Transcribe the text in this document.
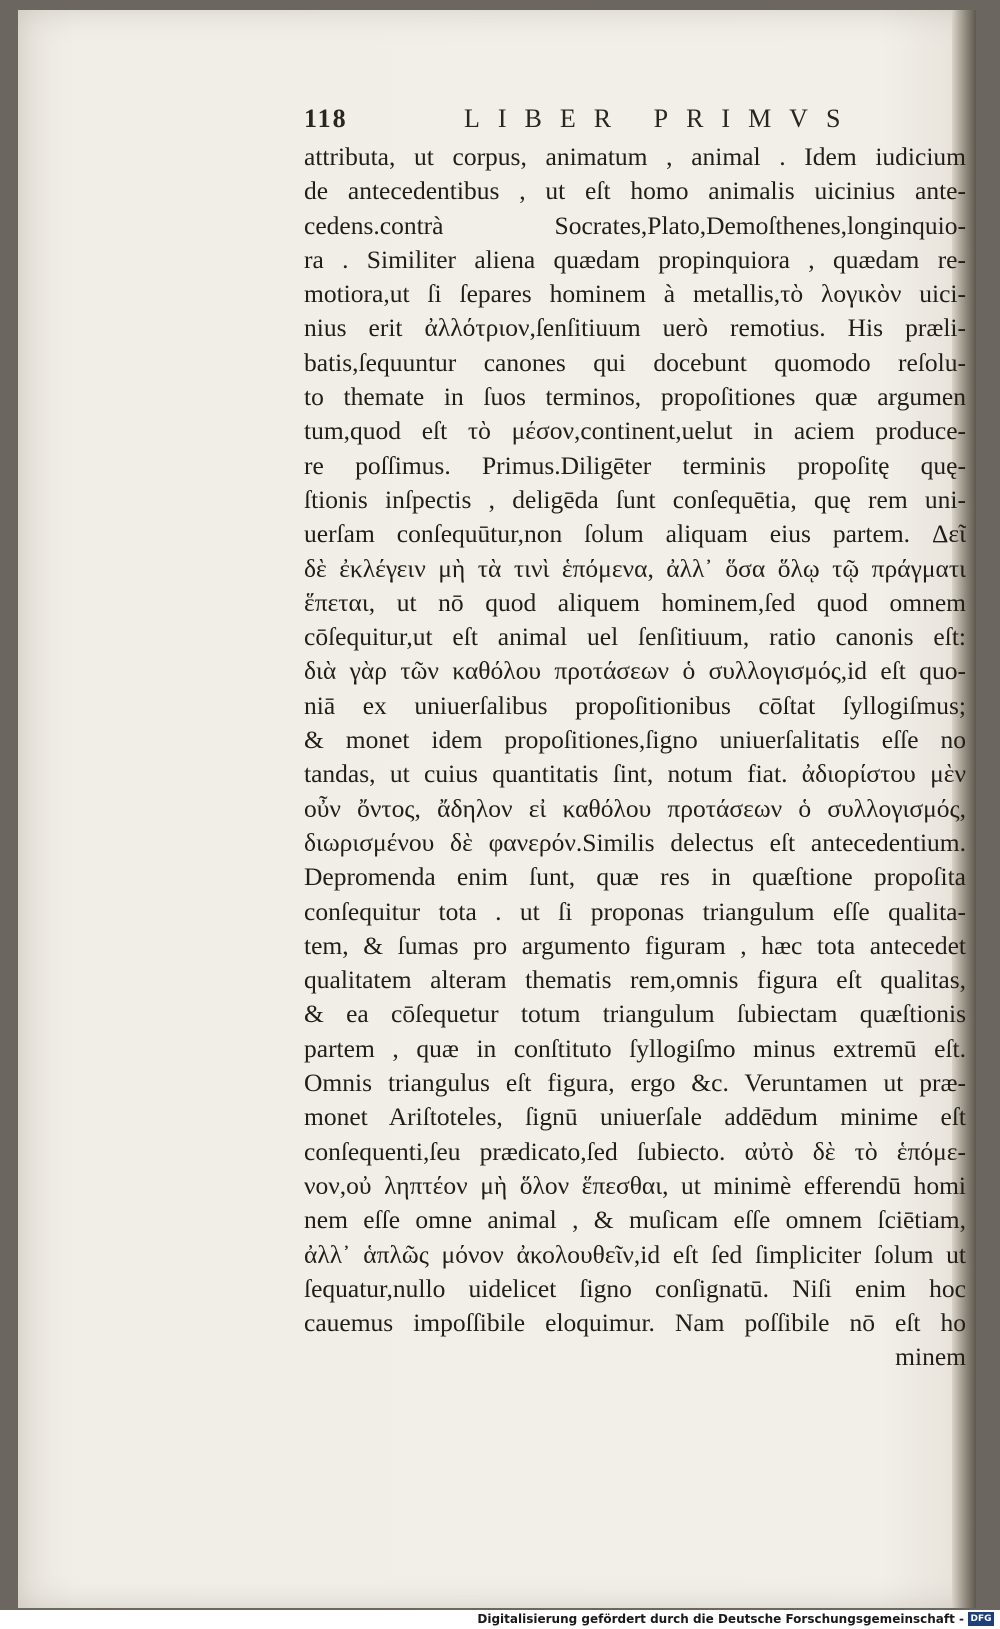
118	LIBER PRIMVS
attributa, ut corpus, animatum , animal . Idem iudicium
de antecedentibus , ut eſt homo animalis uicinius ante-
cedens.contrà Socrates,Plato,Demoſthenes,longinquio-
ra . Similiter aliena quædam propinquiora , quædam re-
motiora,ut ſi ſepares hominem à metallis,τὸ λογικὸν uici-
nius erit ἀλλότριον,ſenſitiuum uerò remotius. His præli-
batis,ſequuntur canones qui docebunt quomodo reſolu-
to themate in ſuos terminos, propoſitiones quæ argumen
tum,quod eſt τὸ μέσον,continent,uelut in aciem produce-
re poſſimus. Primus.Diligēter terminis propoſitę quę-
ſtionis inſpectis , deligēda ſunt conſequētia, quę rem uni-
uerſam conſequūtur,non ſolum aliquam eius partem. Δεῖ
δὲ ἐκλέγειν μὴ τὰ τινὶ ἑπόμενα, ἀλλ᾽ ὅσα ὅλῳ τῷ πράγματι
ἕπεται, ut nō quod aliquem hominem,ſed quod omnem
cōſequitur,ut eſt animal uel ſenſitiuum, ratio canonis eſt:
διὰ γὰρ τῶν καθόλου προτάσεων ὁ συλλογισμός,id eſt quo-
niā ex uniuerſalibus propoſitionibus cōſtat ſyllogiſmus;
& monet idem propoſitiones,ſigno uniuerſalitatis eſſe no
tandas, ut cuius quantitatis ſint, notum fiat. ἀδιορίστου μὲν
οὖν ὄντος, ἄδηλον εἰ καθόλου προτάσεων ὁ συλλογισμός,
διωρισμένου δὲ φανερόν.Similis delectus eſt antecedentium.
Depromenda enim ſunt, quæ res in quæſtione propoſita
conſequitur tota . ut ſi proponas triangulum eſſe qualita-
tem, & ſumas pro argumento figuram , hæc tota antecedet
qualitatem alteram thematis rem,omnis figura eſt qualitas,
& ea cōſequetur totum triangulum ſubiectam quæſtionis
partem , quæ in conſtituto ſyllogiſmo minus extremū eſt.
Omnis triangulus eſt figura, ergo &c. Veruntamen ut præ-
monet Ariſtoteles, ſignū uniuerſale addēdum minime eſt
conſequenti,ſeu prædicato,ſed ſubiecto. αὐτὸ δὲ τὸ ἑπόμε-
νον,οὐ ληπτέον μὴ ὅλον ἕπεσθαι, ut minimè efferendū homi
nem eſſe omne animal , & muſicam eſſe omnem ſciētiam,
ἀλλ᾽ ἁπλῶς μόνον ἀκολουθεῖν,id eſt ſed ſimpliciter ſolum ut
ſequatur,nullo uidelicet ſigno conſignatū. Niſi enim hoc
cauemus impoſſibile eloquimur. Nam poſſibile nō eſt ho
minem
Digitalisierung gefördert durch die Deutsche Forschungsgemeinschaft - DFG
